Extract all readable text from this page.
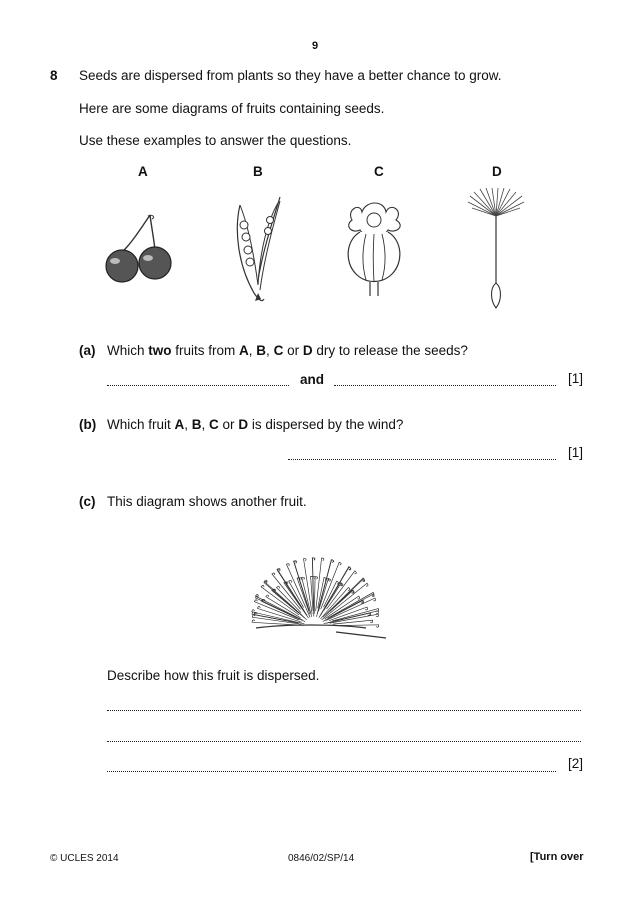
9
8 Seeds are dispersed from plants so they have a better chance to grow.
Here are some diagrams of fruits containing seeds.
Use these examples to answer the questions.
A	B	C	D
(a) Which two fruits from A, B, C or D dry to release the seeds?
and	[1]
(b) Which fruit A, B, C or D is dispersed by the wind?
[1]
(c) This diagram shows another fruit.
Describe how this fruit is dispersed.
[2]
© UCLES 2014	0846/02/SP/14	[Turn over
